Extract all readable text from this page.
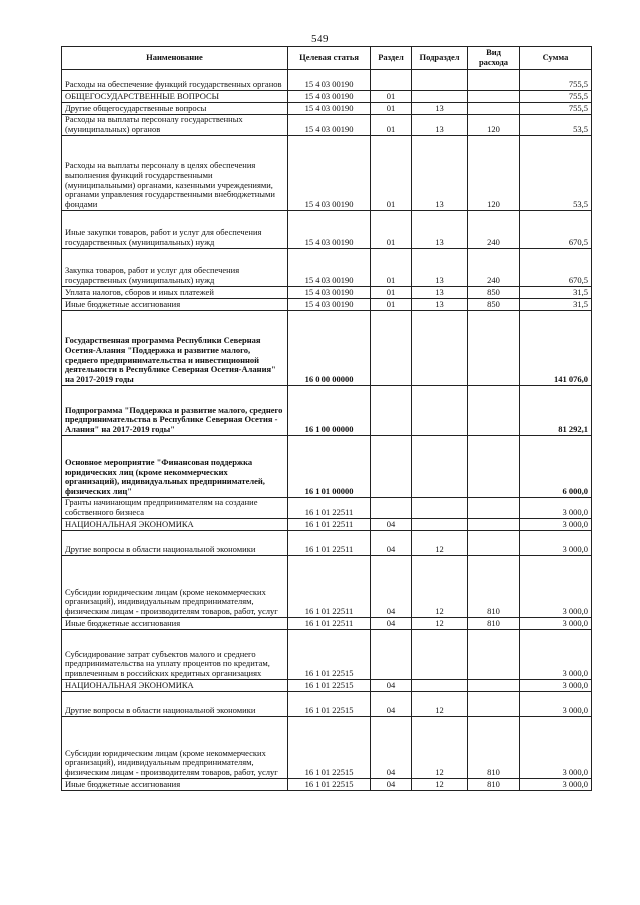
549
Наименование	Целевая статья	Раздел	Подраздел	Вид расхода	Сумма
Расходы на обеспечение функций государственных органов	15 4 03 00190				755,5
ОБЩЕГОСУДАРСТВЕННЫЕ ВОПРОСЫ	15 4 03 00190	01			755,5
Другие общегосударственные вопросы	15 4 03 00190	01	13		755,5
Расходы на выплаты персоналу государственных (муниципальных) органов	15 4 03 00190	01	13	120	53,5
Расходы на выплаты персоналу в целях обеспечения выполнения функций государственными (муниципальными) органами, казенными учреждениями, органами управления государственными внебюджетными фондами	15 4 03 00190	01	13	120	53,5
Иные закупки товаров, работ и услуг для обеспечения государственных (муниципальных) нужд	15 4 03 00190	01	13	240	670,5
Закупка товаров, работ и услуг для обеспечения государственных (муниципальных) нужд	15 4 03 00190	01	13	240	670,5
Уплата налогов, сборов и иных платежей	15 4 03 00190	01	13	850	31,5
Иные бюджетные ассигнования	15 4 03 00190	01	13	850	31,5
Государственная программа Республики Северная Осетия-Алания "Поддержка и развитие малого, среднего предпринимательства и инвестиционной деятельности в Республике Северная Осетия-Алания" на 2017-2019 годы	16 0 00 00000				141 076,0
Подпрограмма "Поддержка и развитие малого, среднего предпринимательства в Республике Северная Осетия - Алания" на 2017-2019 годы"	16 1 00 00000				81 292,1
Основное мероприятие "Финансовая поддержка юридических лиц (кроме некоммерческих организаций), индивидуальных предпринимателей, физических лиц"	16 1 01 00000				6 000,0
Гранты начинающим предпринимателям на создание собственного бизнеса	16 1 01 22511				3 000,0
НАЦИОНАЛЬНАЯ ЭКОНОМИКА	16 1 01 22511	04			3 000,0
Другие вопросы в области национальной экономики	16 1 01 22511	04	12		3 000,0
Субсидии юридическим лицам (кроме некоммерческих организаций), индивидуальным предпринимателям, физическим лицам - производителям товаров, работ, услуг	16 1 01 22511	04	12	810	3 000,0
Иные бюджетные ассигнования	16 1 01 22511	04	12	810	3 000,0
Субсидирование затрат субъектов малого и среднего предпринимательства на уплату процентов по кредитам, привлеченным в российских кредитных организациях	16 1 01 22515				3 000,0
НАЦИОНАЛЬНАЯ ЭКОНОМИКА	16 1 01 22515	04			3 000,0
Другие вопросы в области национальной экономики	16 1 01 22515	04	12		3 000,0
Субсидии юридическим лицам (кроме некоммерческих организаций), индивидуальным предпринимателям, физическим лицам - производителям товаров, работ, услуг	16 1 01 22515	04	12	810	3 000,0
Иные бюджетные ассигнования	16 1 01 22515	04	12	810	3 000,0
